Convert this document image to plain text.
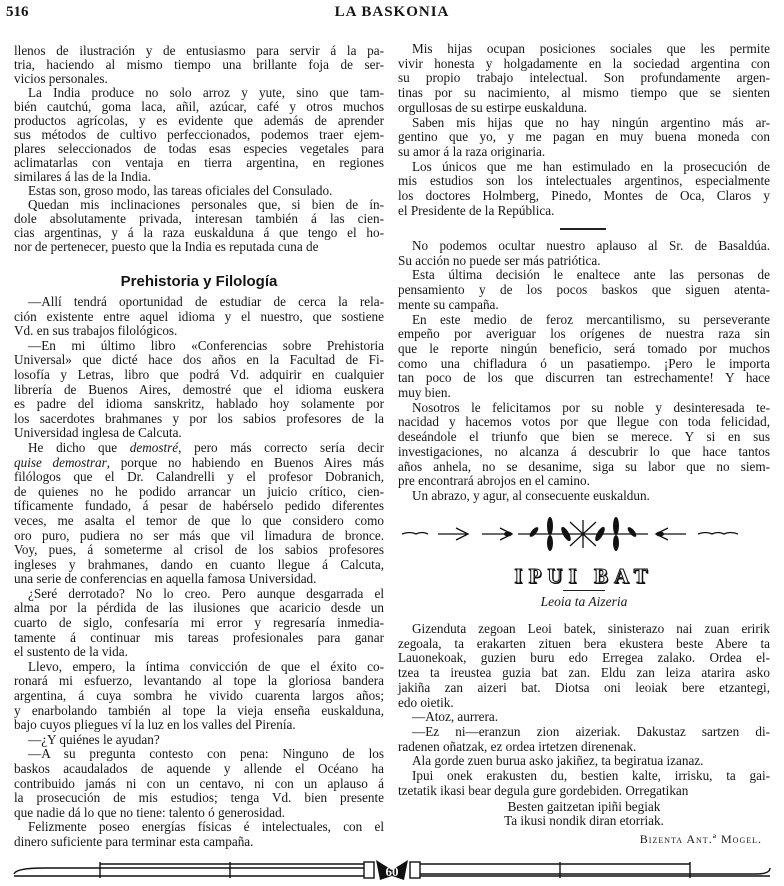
516	LA BASKONIA
llenos de ilustración y de entusiasmo para servir á la pa-
tria, haciendo al mismo tiempo una brillante foja de ser-
vicios personales.
La India produce no solo arroz y yute, sino que tam-
bién cautchú, goma laca, añil, azúcar, café y otros muchos
productos agrícolas, y es evidente que además de aprender
sus métodos de cultivo perfeccionados, podemos traer ejem-
plares seleccionados de todas esas especies vegetales para
aclimatarlas con ventaja en tierra argentina, en regiones
similares á las de la India.
Estas son, groso modo, las tareas oficiales del Consulado.
Quedan mis inclinaciones personales que, si bien de ín-
dole absolutamente privada, interesan también á las cien-
cias argentinas, y á la raza euskalduna á que tengo el ho-
nor de pertenecer, puesto que la India es reputada cuna de
Prehistoria y Filología
—Allí tendrá oportunidad de estudiar de cerca la rela-
ción existente entre aquel idioma y el nuestro, que sostiene
Vd. en sus trabajos filológicos.
—En mi último libro «Conferencias sobre Prehistoria
Universal» que dicté hace dos años en la Facultad de Fi-
losofía y Letras, libro que podrá Vd. adquirir en cualquier
librería de Buenos Aires, demostré que el idioma euskera
es padre del idioma sanskritz, hablado hoy solamente por
los sacerdotes brahmanes y por los sabios profesores de la
Universidad inglesa de Calcuta.
He dicho que demostré, pero más correcto sería decir
quise demostrar, porque no habiendo en Buenos Aires más
filólogos que el Dr. Calandrelli y el profesor Dobranich,
de quienes no he podido arrancar un juicio crítico, cien-
tíficamente fundado, á pesar de habérselo pedido diferentes
veces, me asalta el temor de que lo que considero como
oro puro, pudiera no ser más que vil limadura de bronce.
Voy, pues, á someterme al crisol de los sabios profesores
ingleses y brahmanes, dando en cuanto llegue á Calcuta,
una serie de conferencias en aquella famosa Universidad.
¿Seré derrotado? No lo creo. Pero aunque desgarrada el
alma por la pérdida de las ilusiones que acaricio desde un
cuarto de siglo, confesaría mi error y regresaría inmedia-
tamente á continuar mis tareas profesionales para ganar
el sustento de la vida.
Llevo, empero, la íntima convicción de que el éxito co-
ronará mi esfuerzo, levantando al tope la gloriosa bandera
argentina, á cuya sombra he vivido cuarenta largos años;
y enarbolando también al tope la vieja enseña euskalduna,
bajo cuyos pliegues ví la luz en los valles del Pirenía.
—¿Y quiénes le ayudan?
—A su pregunta contesto con pena: Ninguno de los
baskos acaudalados de aquende y allende el Océano ha
contribuido jamás ni con un centavo, ni con un aplauso á
la prosecución de mis estudios; tenga Vd. bien presente
que nadie dá lo que no tiene: talento ó generosidad.
Felizmente poseo energías físicas é intelectuales, con el
dinero suficiente para terminar esta campaña.
Mis hijas ocupan posiciones sociales que les permite
vivir honesta y holgadamente en la sociedad argentina con
su propio trabajo intelectual. Son profundamente argen-
tinas por su nacimiento, al mismo tiempo que se sienten
orgullosas de su estirpe euskalduna.
Saben mis hijas que no hay ningún argentino más ar-
gentino que yo, y me pagan en muy buena moneda con
su amor á la raza originaria.
Los únicos que me han estimulado en la prosecución de
mis estudios son los intelectuales argentinos, especialmente
los doctores Holmberg, Pinedo, Montes de Oca, Claros y
el Presidente de la República.
No podemos ocultar nuestro aplauso al Sr. de Basaldúa.
Su acción no puede ser más patriótica.
Esta última decisión le enaltece ante las personas de
pensamiento y de los pocos baskos que siguen atenta-
mente su campaña.
En este medio de feroz mercantilismo, su perseverante
empeño por averiguar los orígenes de nuestra raza sin
que le reporte ningún beneficio, será tomado por muchos
como una chifladura ó un pasatiempo. ¡Pero le importa
tan poco de los que discurren tan estrechamente! Y hace
muy bien.
Nosotros le felicitamos por su noble y desinteresada te-
nacidad y hacemos votos por que llegue con toda felicidad,
deseándole el triunfo que bien se merece. Y si en sus
investigaciones, no alcanza á descubrir lo que hace tantos
años anhela, no se desanime, siga su labor que no siem-
pre encontrará abrojos en el camino.
Un abrazo, y agur, al consecuente euskaldun.
IPUI BAT
Leoia ta Aizeria
Gizenduta zegoan Leoi batek, sinisterazo nai zuan eririk
zegoala, ta erakarten zituen bera ekustera beste Abere ta
Lauonekoak, guzien buru edo Erregea zalako. Ordea el-
tzea ta ireustea guzia bat zan. Eldu zan leiza atarira asko
jakiña zan aizeri bat. Diotsa oni leoiak bere etzantegi,
edo oietik.
—Atoz, aurrera.
—Ez ni—eranzun zion aizeriak. Dakustaz sartzen di-
radenen oñatzak, ez ordea irtetzen direnenak.
Ala gorde zuen burua asko jakiñez, ta begiratua izanaz.
Ipui onek erakusten du, bestien kalte, irrisku, ta gai-
tzetatik ikasi bear degula gure gordebiden. Orregatikan
Besten gaitzetan ipiñi begiak
Ta ikusi nondik diran etorriak.
Bizenta Ant.ª Mogel.
60
